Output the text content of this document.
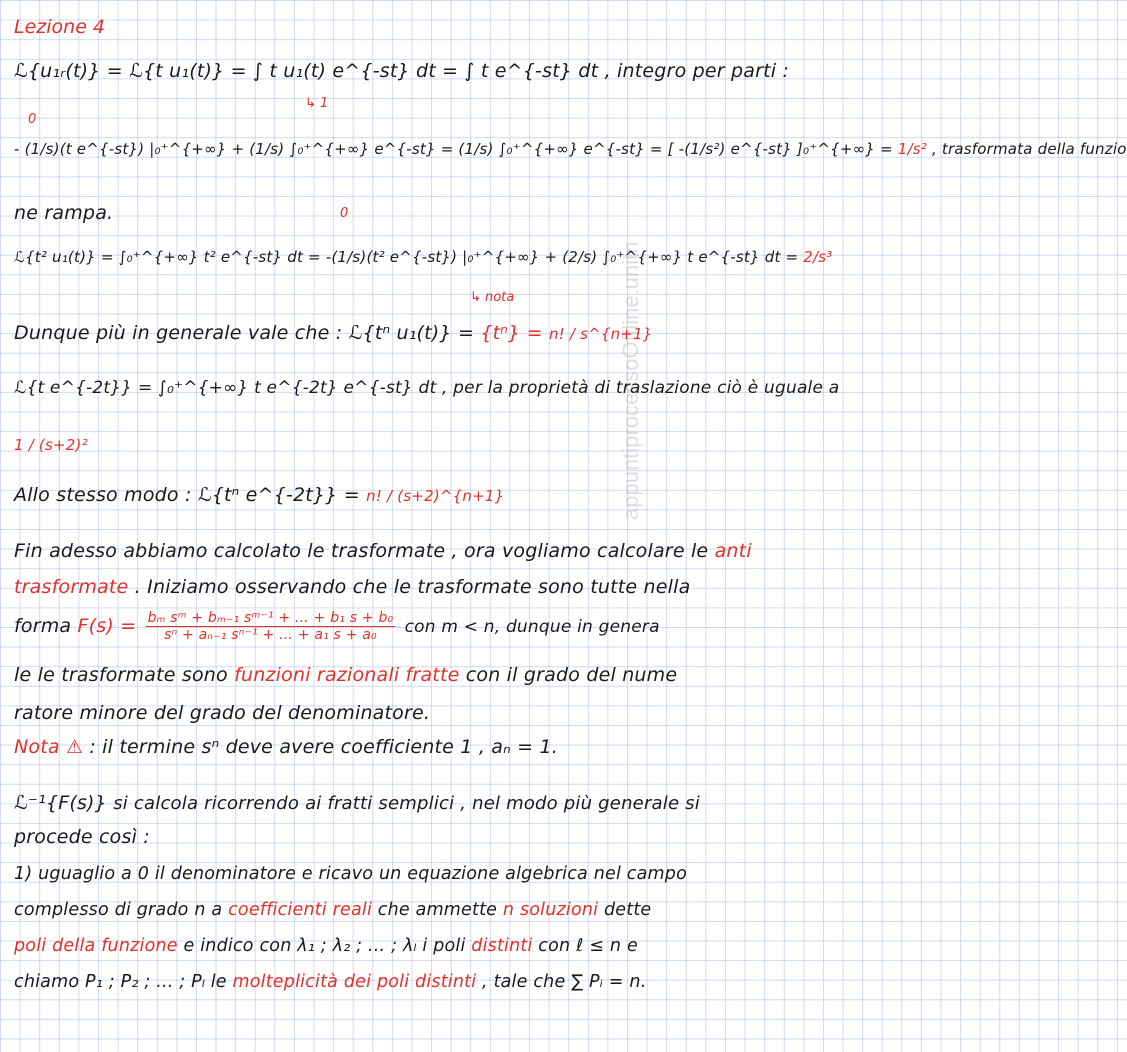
Lezione 4
appuntiprocessoOffline.unitn
ℒ{u₁ᵣ(t)} = ℒ{t u₁(t)} = ∫ t u₁(t) e^{-st} dt = ∫ t e^{-st} dt , integro per parti :
↳ 1
0
- (1/s)(t e^{-st}) |₀⁺^{+∞} + (1/s) ∫₀⁺^{+∞} e^{-st} = (1/s) ∫₀⁺^{+∞} e^{-st} = [ -(1/s²) e^{-st} ]₀⁺^{+∞} = 1/s² , trasformata della funzio
ne rampa.	0
ℒ{t² u₁(t)} = ∫₀⁺^{+∞} t² e^{-st} dt = -(1/s)(t² e^{-st}) |₀⁺^{+∞} + (2/s) ∫₀⁺^{+∞} t e^{-st} dt = 2/s³
↳ nota
Dunque più in generale vale che : ℒ{tⁿ u₁(t)} = {tⁿ} = n! / s^{n+1}
ℒ{t e^{-2t}} = ∫₀⁺^{+∞} t e^{-2t} e^{-st} dt , per la proprietà di traslazione ciò è uguale a
1 / (s+2)²
Allo stesso modo : ℒ{tⁿ e^{-2t}} = n! / (s+2)^{n+1}
Fin adesso abbiamo calcolato le trasformate , ora vogliamo calcolare le anti
trasformate . Iniziamo osservando che le trasformate sono tutte nella
forma $F(s) = \frac{\text{bₘ sᵐ + bₘ₋₁ sᵐ⁻¹ + ... + b₁ s + b₀}}{\text{sⁿ + aₙ₋₁ sⁿ⁻¹ + ... + a₁ s + a₀}}$ con m < n, dunque in genera
le le trasformate sono funzioni razionali fratte con il grado del nume
ratore minore del grado del denominatore.
Nota ⚠ : il termine sⁿ deve avere coefficiente 1 , aₙ = 1.
ℒ⁻¹{F(s)} si calcola ricorrendo ai fratti semplici , nel modo più generale si
procede così :
1) uguaglio a 0 il denominatore e ricavo un equazione algebrica nel campo
complesso di grado n a coefficienti reali che ammette n soluzioni dette
poli della funzione e indico con λ₁ ; λ₂ ; ... ; λₗ i poli distinti con ℓ ≤ n e
chiamo P₁ ; P₂ ; ... ; Pₗ le molteplicità dei poli distinti , tale che ∑ Pᵢ = n.
